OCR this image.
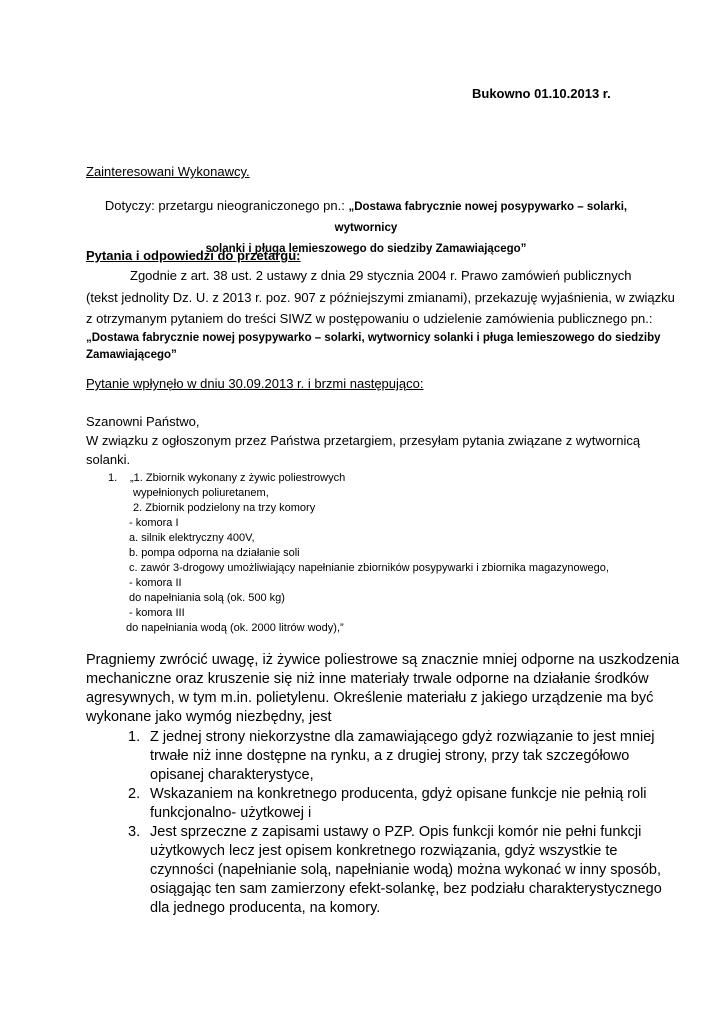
Bukowno 01.10.2013 r.
Zainteresowani Wykonawcy.
Dotyczy: przetargu nieograniczonego pn.: „Dostawa fabrycznie nowej posypywarko – solarki, wytwornicy
solanki i pługa lemieszowego do siedziby Zamawiającego”
Pytania i odpowiedzi do przetargu:
Zgodnie z art. 38 ust. 2 ustawy z dnia 29 stycznia 2004 r. Prawo zamówień publicznych
(tekst jednolity Dz. U. z 2013 r. poz. 907 z późniejszymi zmianami), przekazuję wyjaśnienia, w związku
z otrzymanym pytaniem do treści SIWZ w postępowaniu o udzielenie zamówienia publicznego pn.:
„Dostawa fabrycznie nowej posypywarko – solarki, wytwornicy solanki i pługa lemieszowego do siedziby
Zamawiającego”
Pytanie wpłynęło w dniu 30.09.2013 r. i brzmi następująco:
Szanowni Państwo,
W związku z ogłoszonym przez Państwa przetargiem, przesyłam pytania związane z wytwornicą
solanki.
1. „1. Zbiornik wykonany z żywic poliestrowych
wypełnionych poliuretanem,
2. Zbiornik podzielony na trzy komory
- komora I
a. silnik elektryczny 400V,
b. pompa odporna na działanie soli
c. zawór 3-drogowy umożliwiający napełnianie zbiorników posypywarki i zbiornika magazynowego,
- komora II
do napełniania solą (ok. 500 kg)
- komora III
do napełniania wodą (ok. 2000 litrów wody),”
Pragniemy zwrócić uwagę, iż żywice poliestrowe są znacznie mniej odporne na uszkodzenia
mechaniczne oraz kruszenie się niż inne materiały trwale odporne na działanie środków
agresywnych, w tym m.in. polietylenu. Określenie materiału z jakiego urządzenie ma być
wykonane jako wymóg niezbędny, jest
1. Z jednej strony niekorzystne dla zamawiającego gdyż rozwiązanie to jest mniej
trwałe niż inne dostępne na rynku, a z drugiej strony, przy tak szczegółowo
opisanej charakterystyce,
2. Wskazaniem na konkretnego producenta, gdyż opisane funkcje nie pełnią roli
funkcjonalno- użytkowej i
3. Jest sprzeczne z zapisami ustawy o PZP. Opis funkcji komór nie pełni funkcji
użytkowych lecz jest opisem konkretnego rozwiązania, gdyż wszystkie te
czynności (napełnianie solą, napełnianie wodą) można wykonać w inny sposób,
osiągając ten sam zamierzony efekt-solankę, bez podziału charakterystycznego
dla jednego producenta, na komory.
